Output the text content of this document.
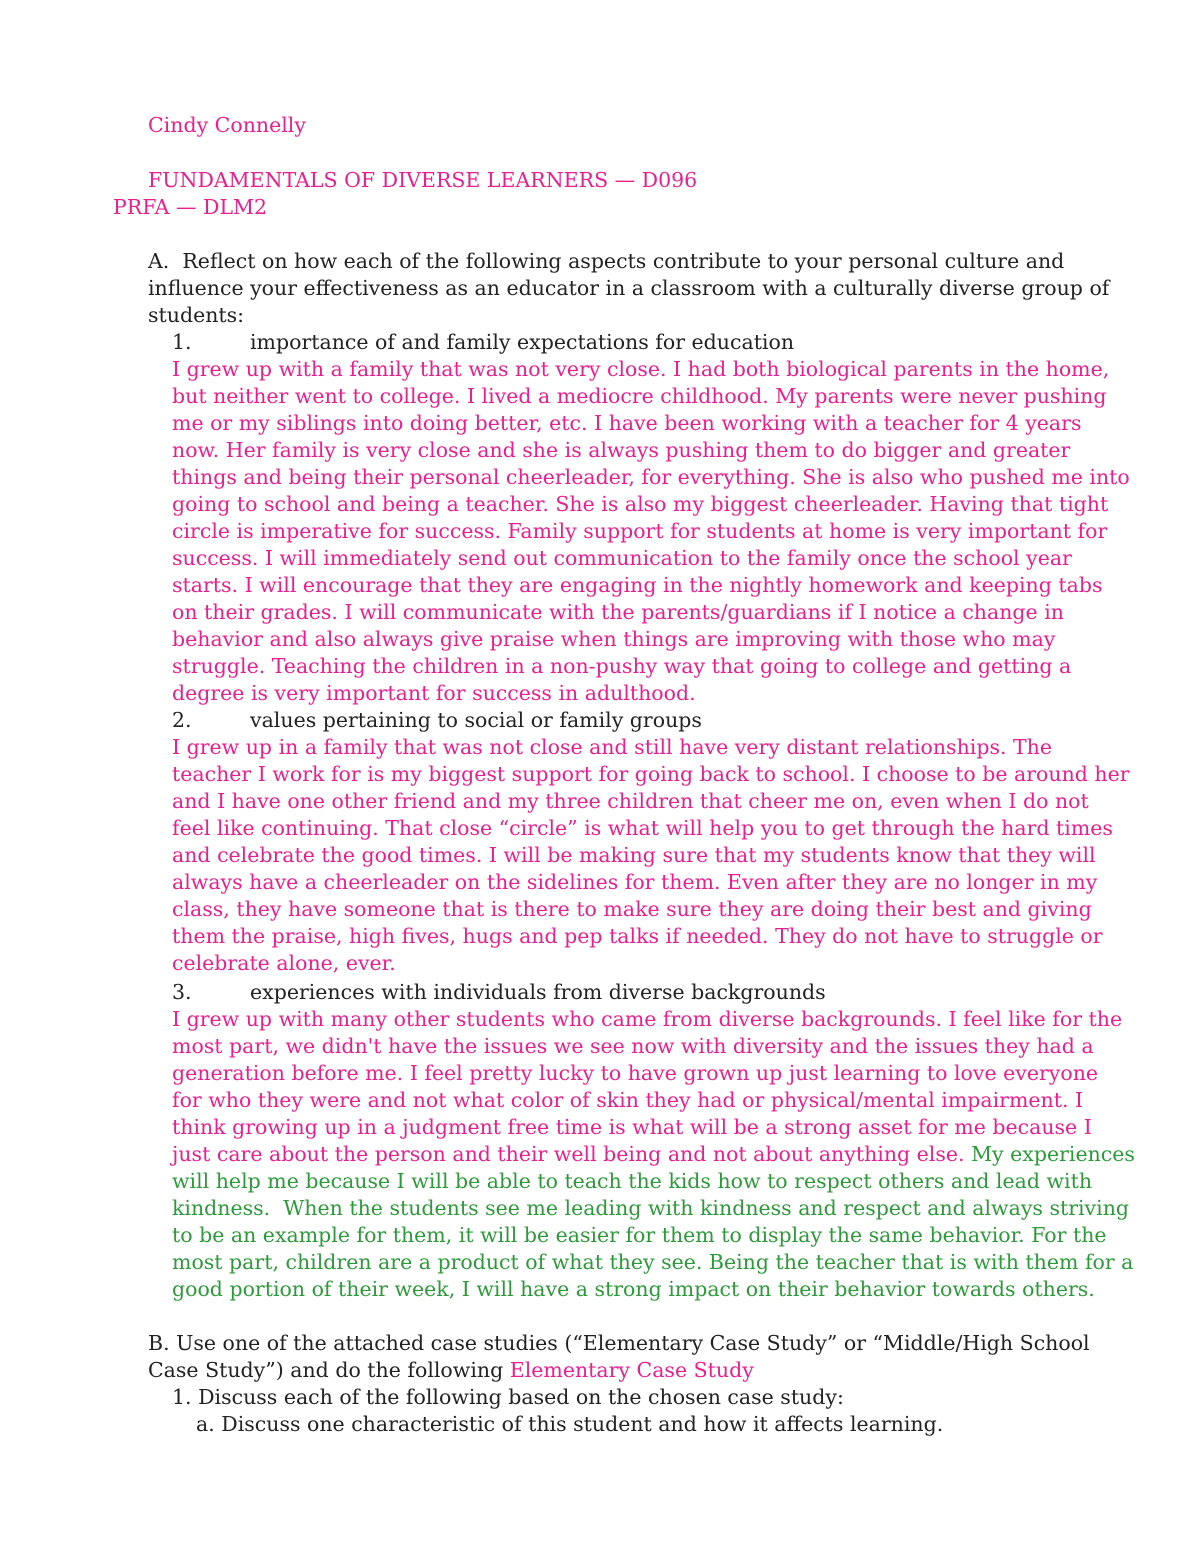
Cindy Connelly
FUNDAMENTALS OF DIVERSE LEARNERS — D096
PRFA — DLM2
A. Reflect on how each of the following aspects contribute to your personal culture and
influence your effectiveness as an educator in a classroom with a culturally diverse group of
students:
1.	importance of and family expectations for education

I grew up with a family that was not very close. I had both biological parents in the home,

but neither went to college. I lived a mediocre childhood. My parents were never pushing

me or my siblings into doing better, etc. I have been working with a teacher for 4 years

now. Her family is very close and she is always pushing them to do bigger and greater

things and being their personal cheerleader, for everything. She is also who pushed me into

going to school and being a teacher. She is also my biggest cheerleader. Having that tight

circle is imperative for success. Family support for students at home is very important for

success. I will immediately send out communication to the family once the school year

starts. I will encourage that they are engaging in the nightly homework and keeping tabs

on their grades. I will communicate with the parents/guardians if I notice a change in

behavior and also always give praise when things are improving with those who may

struggle. Teaching the children in a non-pushy way that going to college and getting a

degree is very important for success in adulthood.

2.	values pertaining to social or family groups

I grew up in a family that was not close and still have very distant relationships. The

teacher I work for is my biggest support for going back to school. I choose to be around her

and I have one other friend and my three children that cheer me on, even when I do not

feel like continuing. That close “circle” is what will help you to get through the hard times

and celebrate the good times. I will be making sure that my students know that they will

always have a cheerleader on the sidelines for them. Even after they are no longer in my

class, they have someone that is there to make sure they are doing their best and giving

them the praise, high fives, hugs and pep talks if needed. They do not have to struggle or

celebrate alone, ever.

3.	experiences with individuals from diverse backgrounds

I grew up with many other students who came from diverse backgrounds. I feel like for the

most part, we didn't have the issues we see now with diversity and the issues they had a

generation before me. I feel pretty lucky to have grown up just learning to love everyone

for who they were and not what color of skin they had or physical/mental impairment. I

think growing up in a judgment free time is what will be a strong asset for me because I

just care about the person and their well being and not about anything else. My experiences

will help me because I will be able to teach the kids how to respect others and lead with

kindness.  When the students see me leading with kindness and respect and always striving

to be an example for them, it will be easier for them to display the same behavior. For the

most part, children are a product of what they see. Being the teacher that is with them for a

good portion of their week, I will have a strong impact on their behavior towards others.

B. Use one of the attached case studies (“Elementary Case Study” or “Middle/High School
Case Study”) and do the following Elementary Case Study
1. Discuss each of the following based on the chosen case study:
a. Discuss one characteristic of this student and how it affects learning.
